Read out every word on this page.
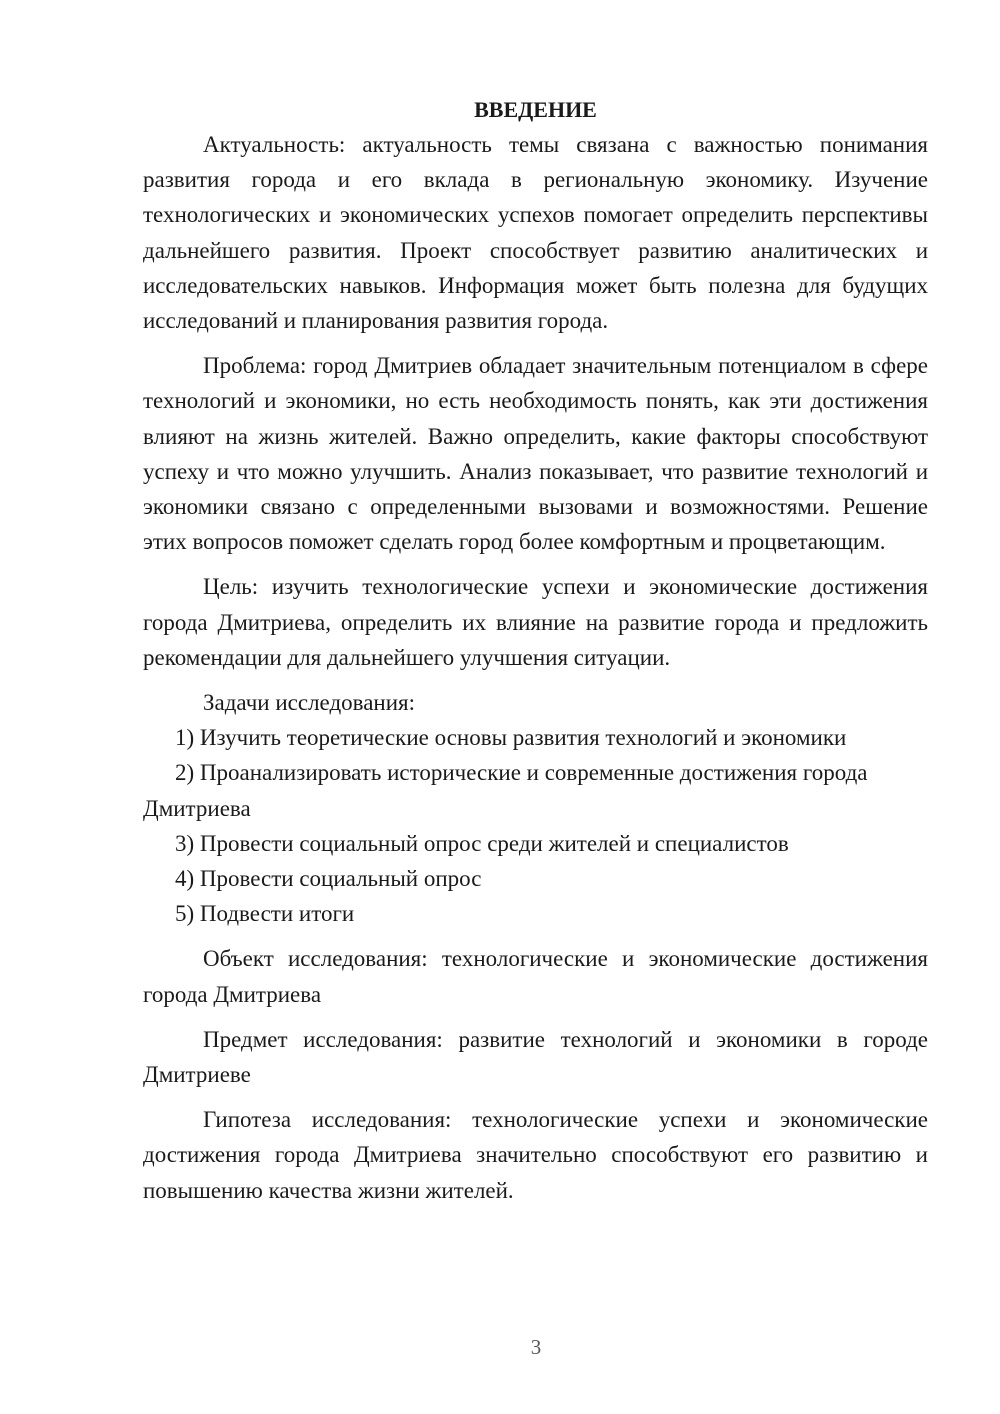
ВВЕДЕНИЕ

Актуальность: актуальность темы связана с важностью понимания развития города и его вклада в региональную экономику. Изучение технологических и экономических успехов помогает определить перспективы дальнейшего развития. Проект способствует развитию аналитических и исследовательских навыков. Информация может быть полезна для будущих исследований и планирования развития города.

Проблема: город Дмитриев обладает значительным потенциалом в сфере технологий и экономики, но есть необходимость понять, как эти достижения влияют на жизнь жителей. Важно определить, какие факторы способствуют успеху и что можно улучшить. Анализ показывает, что развитие технологий и экономики связано с определенными вызовами и возможностями. Решение этих вопросов поможет сделать город более комфортным и процветающим.

Цель: изучить технологические успехи и экономические достижения города Дмитриева, определить их влияние на развитие города и предложить рекомендации для дальнейшего улучшения ситуации.

Задачи исследования:

1) Изучить теоретические основы развития технологий и экономики

2) Проанализировать исторические и современные достижения города Дмитриева

3) Провести социальный опрос среди жителей и специалистов

4) Провести социальный опрос

5) Подвести итоги

Объект исследования: технологические и экономические достижения города Дмитриева

Предмет исследования: развитие технологий и экономики в городе Дмитриеве

Гипотеза исследования: технологические успехи и экономические достижения города Дмитриева значительно способствуют его развитию и повышению качества жизни жителей.

3
